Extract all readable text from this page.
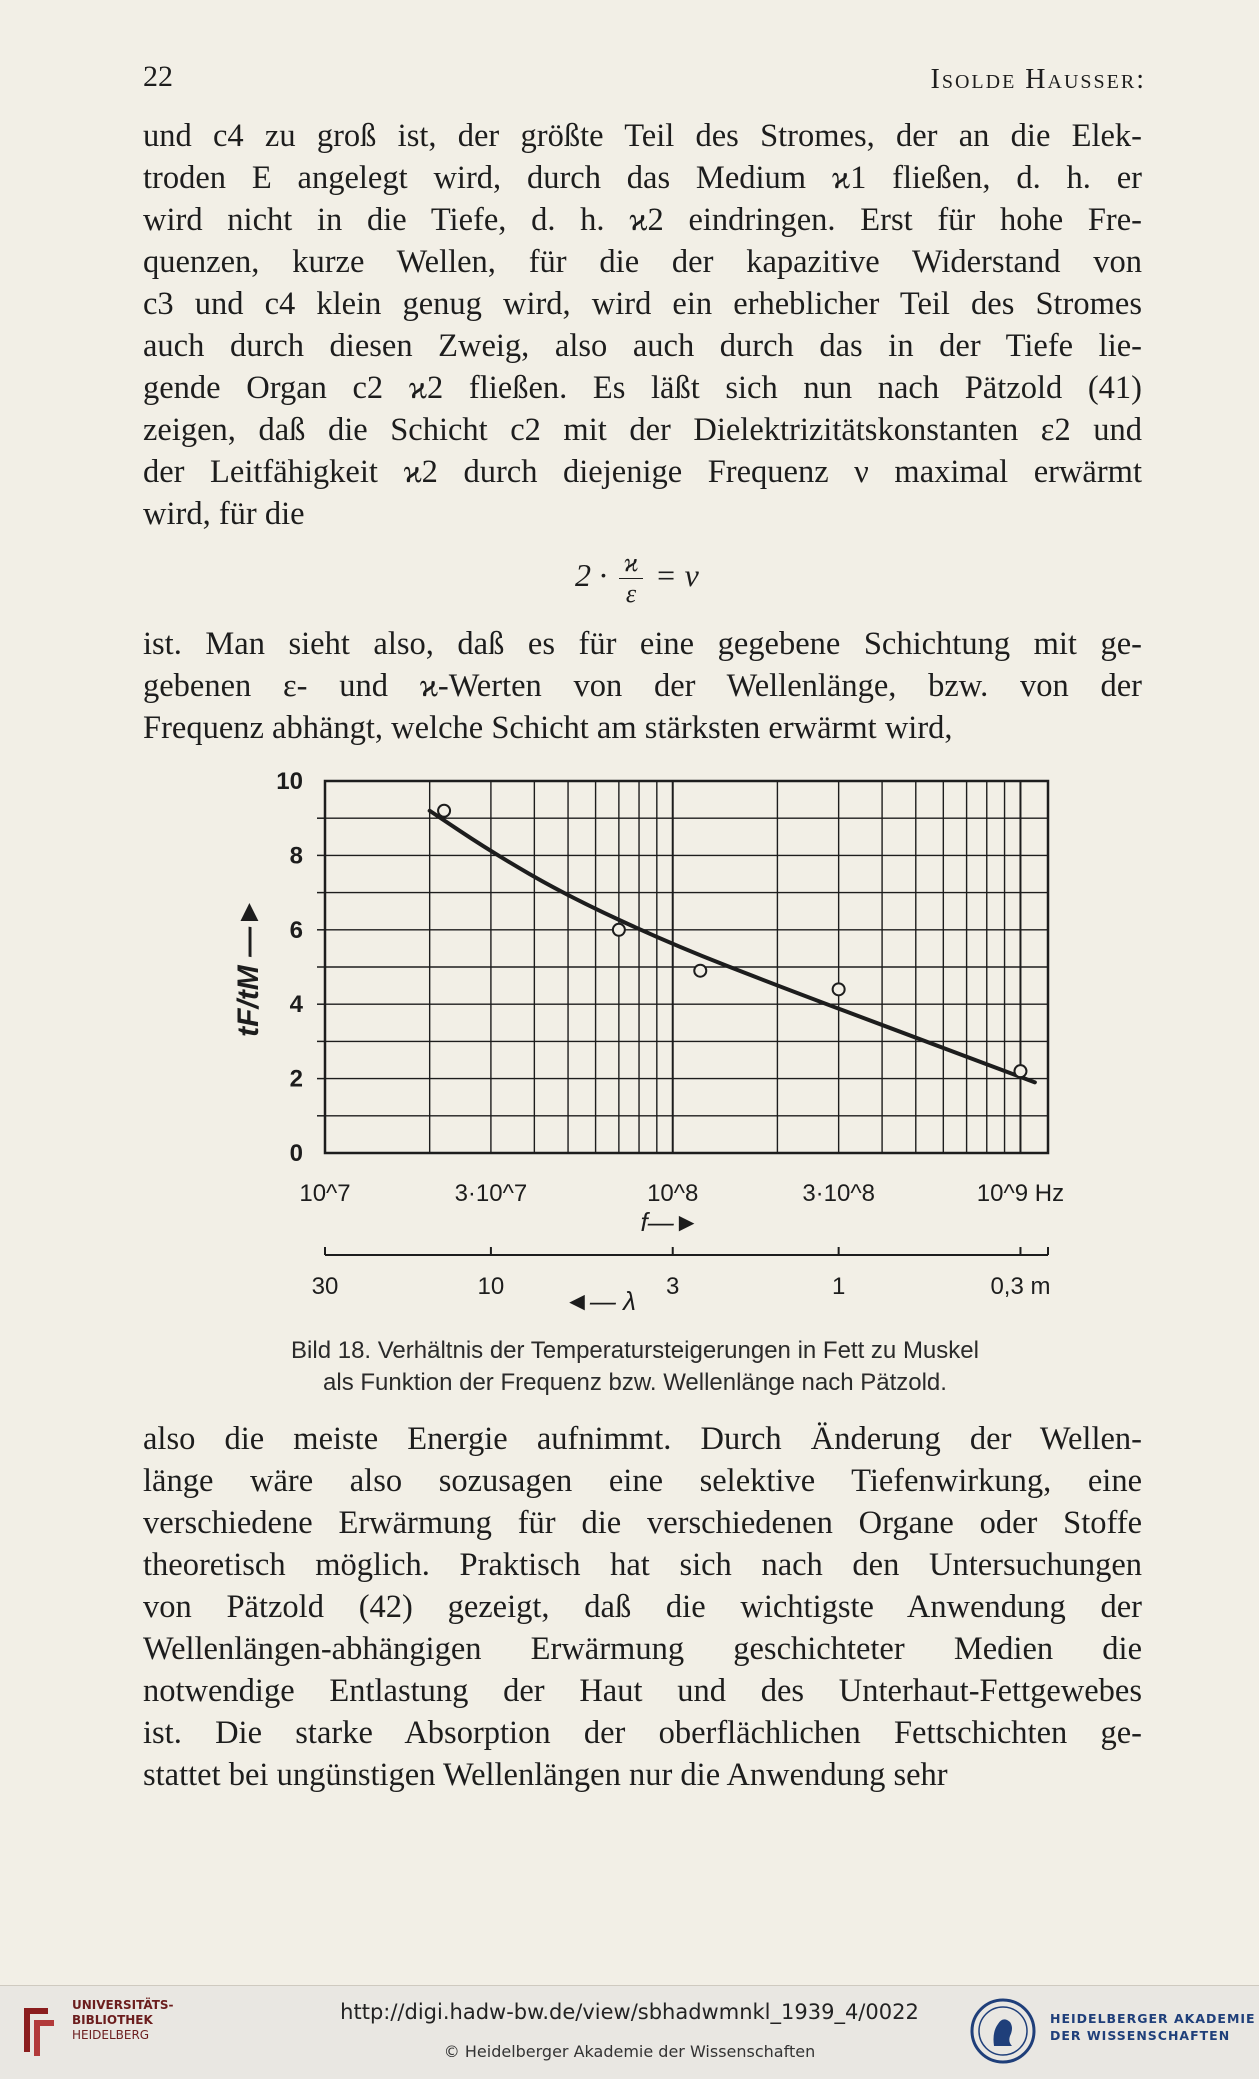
22	Isolde Hausser:
und c4 zu groß ist, der größte Teil des Stromes, der an die Elek-
troden E angelegt wird, durch das Medium ϰ1 fließen, d. h. er
wird nicht in die Tiefe, d. h. ϰ2 eindringen. Erst für hohe Fre-
quenzen, kurze Wellen, für die der kapazitive Widerstand von
c3 und c4 klein genug wird, wird ein erheblicher Teil des Stromes
auch durch diesen Zweig, also auch durch das in der Tiefe lie-
gende Organ c2 ϰ2 fließen. Es läßt sich nun nach Pätzold (41)
zeigen, daß die Schicht c2 mit der Dielektrizitätskonstanten ε2 und
der Leitfähigkeit ϰ2 durch diejenige Frequenz ν maximal erwärmt
wird, für die
$2 \cdot \frac{ϰ}{\varepsilon} = \nu$
ist. Man sieht also, daß es für eine gegebene Schichtung mit ge-
gebenen ε- und ϰ-Werten von der Wellenlänge, bzw. von der
Frequenz abhängt, welche Schicht am stärksten erwärmt wird,
0
2
4
6
8
10
10^7	3·10^7	10^8	3·10^8	10^9 Hz
f—►
30	10	3	1	0,3 m
◄— λ
tF/tM —►
Bild 18. Verhältnis der Temperatursteigerungen in Fett zu Muskel
als Funktion der Frequenz bzw. Wellenlänge nach Pätzold.
also die meiste Energie aufnimmt. Durch Änderung der Wellen-
länge wäre also sozusagen eine selektive Tiefenwirkung, eine
verschiedene Erwärmung für die verschiedenen Organe oder Stoffe
theoretisch möglich. Praktisch hat sich nach den Untersuchungen
von Pätzold (42) gezeigt, daß die wichtigste Anwendung der
Wellenlängen-abhängigen Erwärmung geschichteter Medien die
notwendige Entlastung der Haut und des Unterhaut-Fettgewebes
ist. Die starke Absorption der oberflächlichen Fettschichten ge-
stattet bei ungünstigen Wellenlängen nur die Anwendung sehr
UNIVERSITÄTS-
BIBLIOTHEK
HEIDELBERG
http://digi.hadw-bw.de/view/sbhadwmnkl_1939_4/0022
© Heidelberger Akademie der Wissenschaften
HEIDELBERGER AKADEMIE
DER WISSENSCHAFTEN
